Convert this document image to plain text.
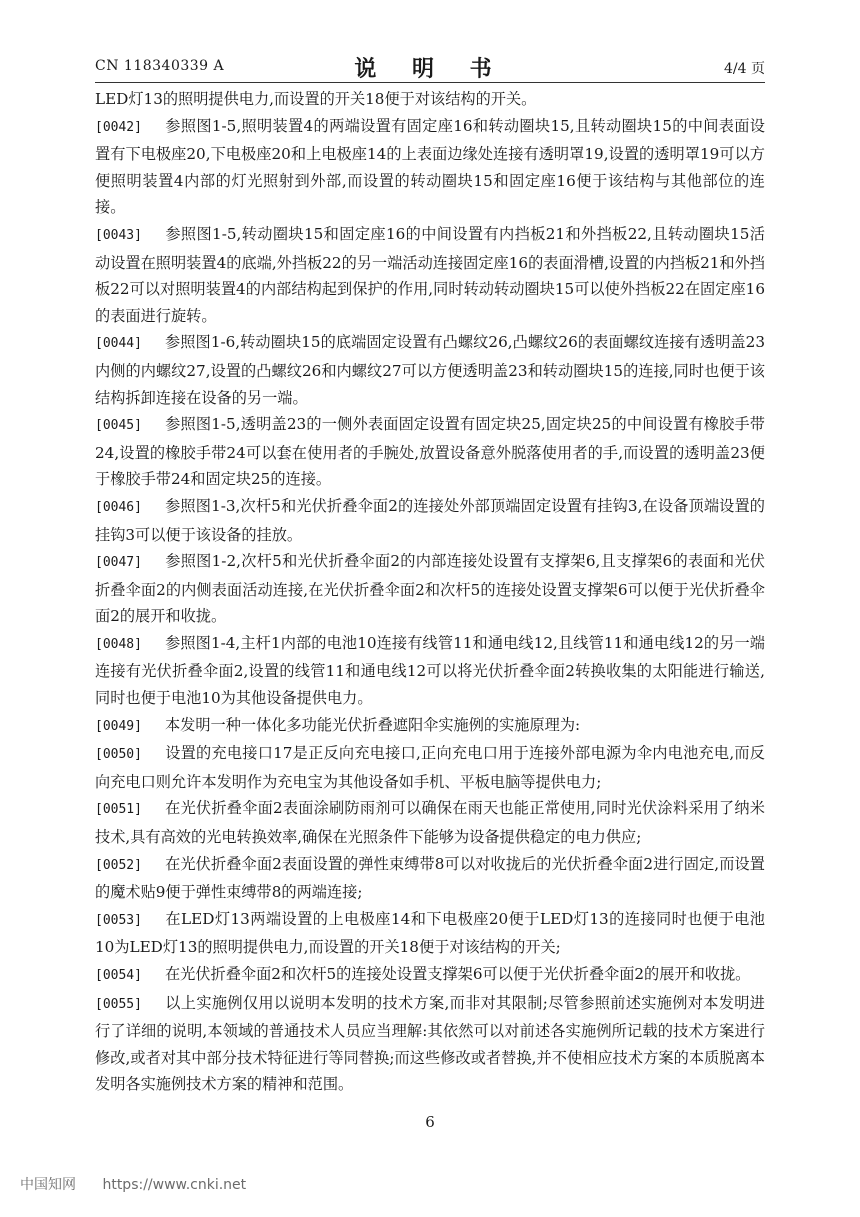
CN 118340339 A	说 明 书	4/4 页

LED灯13的照明提供电力,而设置的开关18便于对该结构的开关。

[0042] 参照图1-5,照明装置4的两端设置有固定座16和转动圈块15,且转动圈块15的中间表面设置有下电极座20,下电极座20和上电极座14的上表面边缘处连接有透明罩19,设置的透明罩19可以方便照明装置4内部的灯光照射到外部,而设置的转动圈块15和固定座16便于该结构与其他部位的连接。

[0043] 参照图1-5,转动圈块15和固定座16的中间设置有内挡板21和外挡板22,且转动圈块15活动设置在照明装置4的底端,外挡板22的另一端活动连接固定座16的表面滑槽,设置的内挡板21和外挡板22可以对照明装置4的内部结构起到保护的作用,同时转动转动圈块15可以使外挡板22在固定座16的表面进行旋转。

[0044] 参照图1-6,转动圈块15的底端固定设置有凸螺纹26,凸螺纹26的表面螺纹连接有透明盖23内侧的内螺纹27,设置的凸螺纹26和内螺纹27可以方便透明盖23和转动圈块15的连接,同时也便于该结构拆卸连接在设备的另一端。

[0045] 参照图1-5,透明盖23的一侧外表面固定设置有固定块25,固定块25的中间设置有橡胶手带24,设置的橡胶手带24可以套在使用者的手腕处,放置设备意外脱落使用者的手,而设置的透明盖23便于橡胶手带24和固定块25的连接。

[0046] 参照图1-3,次杆5和光伏折叠伞面2的连接处外部顶端固定设置有挂钩3,在设备顶端设置的挂钩3可以便于该设备的挂放。

[0047] 参照图1-2,次杆5和光伏折叠伞面2的内部连接处设置有支撑架6,且支撑架6的表面和光伏折叠伞面2的内侧表面活动连接,在光伏折叠伞面2和次杆5的连接处设置支撑架6可以便于光伏折叠伞面2的展开和收拢。

[0048] 参照图1-4,主杆1内部的电池10连接有线管11和通电线12,且线管11和通电线12的另一端连接有光伏折叠伞面2,设置的线管11和通电线12可以将光伏折叠伞面2转换收集的太阳能进行输送,同时也便于电池10为其他设备提供电力。

[0049] 本发明一种一体化多功能光伏折叠遮阳伞实施例的实施原理为:

[0050] 设置的充电接口17是正反向充电接口,正向充电口用于连接外部电源为伞内电池充电,而反向充电口则允许本发明作为充电宝为其他设备如手机、平板电脑等提供电力;

[0051] 在光伏折叠伞面2表面涂刷防雨剂可以确保在雨天也能正常使用,同时光伏涂料采用了纳米技术,具有高效的光电转换效率,确保在光照条件下能够为设备提供稳定的电力供应;

[0052] 在光伏折叠伞面2表面设置的弹性束缚带8可以对收拢后的光伏折叠伞面2进行固定,而设置的魔术贴9便于弹性束缚带8的两端连接;

[0053] 在LED灯13两端设置的上电极座14和下电极座20便于LED灯13的连接同时也便于电池10为LED灯13的照明提供电力,而设置的开关18便于对该结构的开关;

[0054] 在光伏折叠伞面2和次杆5的连接处设置支撑架6可以便于光伏折叠伞面2的展开和收拢。

[0055] 以上实施例仅用以说明本发明的技术方案,而非对其限制;尽管参照前述实施例对本发明进行了详细的说明,本领域的普通技术人员应当理解:其依然可以对前述各实施例所记载的技术方案进行修改,或者对其中部分技术特征进行等同替换;而这些修改或者替换,并不使相应技术方案的本质脱离本发明各实施例技术方案的精神和范围。

6
中国知网 https://www.cnki.net
